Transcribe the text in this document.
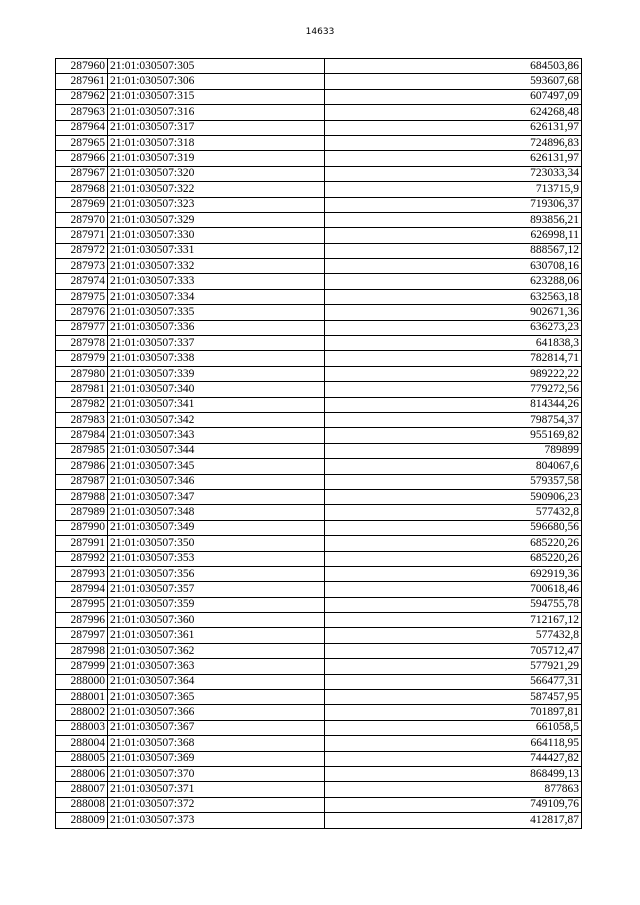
14633
287960	21:01:030507:305	684503,86
287961	21:01:030507:306	593607,68
287962	21:01:030507:315	607497,09
287963	21:01:030507:316	624268,48
287964	21:01:030507:317	626131,97
287965	21:01:030507:318	724896,83
287966	21:01:030507:319	626131,97
287967	21:01:030507:320	723033,34
287968	21:01:030507:322	713715,9
287969	21:01:030507:323	719306,37
287970	21:01:030507:329	893856,21
287971	21:01:030507:330	626998,11
287972	21:01:030507:331	888567,12
287973	21:01:030507:332	630708,16
287974	21:01:030507:333	623288,06
287975	21:01:030507:334	632563,18
287976	21:01:030507:335	902671,36
287977	21:01:030507:336	636273,23
287978	21:01:030507:337	641838,3
287979	21:01:030507:338	782814,71
287980	21:01:030507:339	989222,22
287981	21:01:030507:340	779272,56
287982	21:01:030507:341	814344,26
287983	21:01:030507:342	798754,37
287984	21:01:030507:343	955169,82
287985	21:01:030507:344	789899
287986	21:01:030507:345	804067,6
287987	21:01:030507:346	579357,58
287988	21:01:030507:347	590906,23
287989	21:01:030507:348	577432,8
287990	21:01:030507:349	596680,56
287991	21:01:030507:350	685220,26
287992	21:01:030507:353	685220,26
287993	21:01:030507:356	692919,36
287994	21:01:030507:357	700618,46
287995	21:01:030507:359	594755,78
287996	21:01:030507:360	712167,12
287997	21:01:030507:361	577432,8
287998	21:01:030507:362	705712,47
287999	21:01:030507:363	577921,29
288000	21:01:030507:364	566477,31
288001	21:01:030507:365	587457,95
288002	21:01:030507:366	701897,81
288003	21:01:030507:367	661058,5
288004	21:01:030507:368	664118,95
288005	21:01:030507:369	744427,82
288006	21:01:030507:370	868499,13
288007	21:01:030507:371	877863
288008	21:01:030507:372	749109,76
288009	21:01:030507:373	412817,87
